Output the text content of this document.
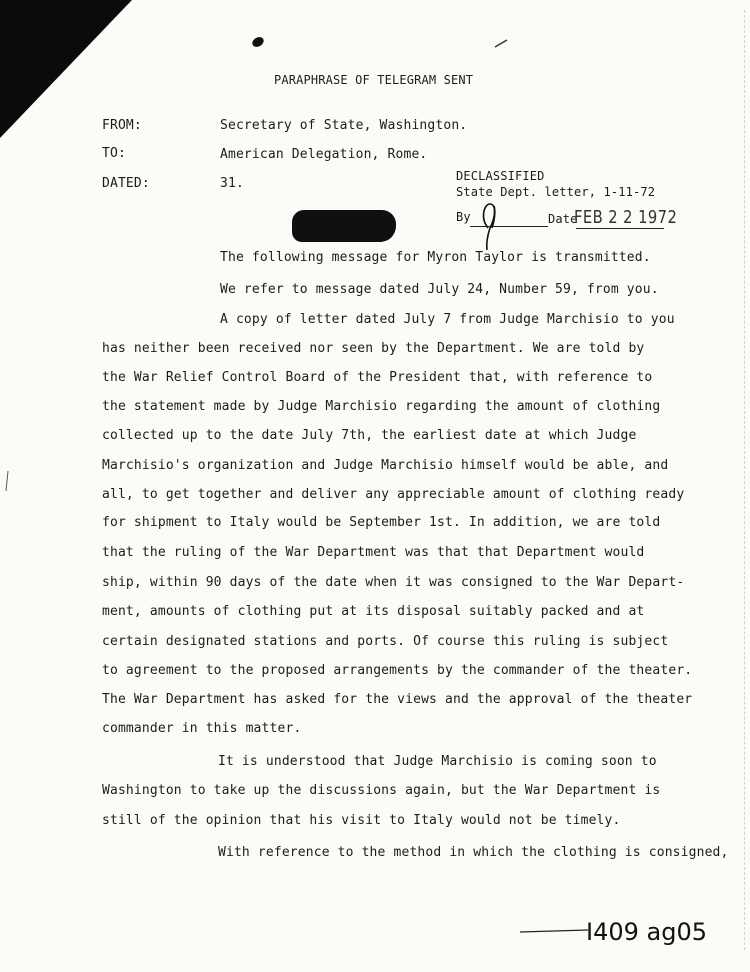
PARAPHRASE OF TELEGRAM SENT
FROM:	Secretary of State, Washington.
TO:	American Delegation, Rome.
DATED:	31.	DECLASSIFIED
State Dept. letter, 1-11-72
By	Date
FEB 2 2 1972
The following message for Myron Taylor is transmitted.
We refer to message dated July 24, Number 59, from you.
A copy of letter dated July 7 from Judge Marchisio to you
has neither been received nor seen by the Department. We are told by
the War Relief Control Board of the President that, with reference to
the statement made by Judge Marchisio regarding the amount of clothing
collected up to the date July 7th, the earliest date at which Judge
Marchisio's organization and Judge Marchisio himself would be able, and
all, to get together and deliver any appreciable amount of clothing ready
for shipment to Italy would be September 1st. In addition, we are told
that the ruling of the War Department was that that Department would
ship, within 90 days of the date when it was consigned to the War Depart-
ment, amounts of clothing put at its disposal suitably packed and at
certain designated stations and ports. Of course this ruling is subject
to agreement to the proposed arrangements by the commander of the theater.
The War Department has asked for the views and the approval of the theater
commander in this matter.
It is understood that Judge Marchisio is coming soon to
Washington to take up the discussions again, but the War Department is
still of the opinion that his visit to Italy would not be timely.
With reference to the method in which the clothing is consigned,
I409 ag05
